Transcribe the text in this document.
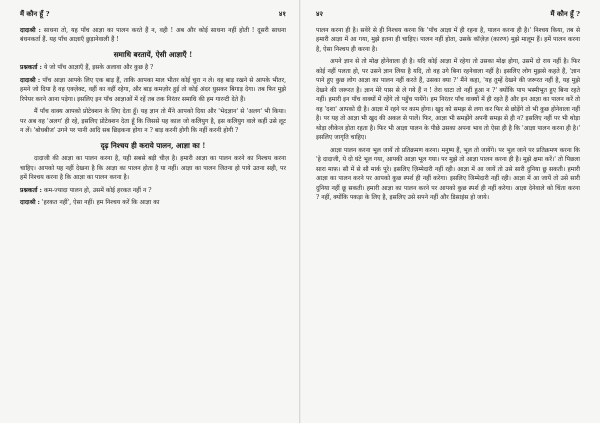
मैं कौन हूँ ?	४१

दादाश्री : साधना तो, यह पाँच आज्ञा का पालन करते हैं न, वही ! अब और कोई साधना नहीं होती ! दूसरी साधना बंधनकर्ता हैं. यह पाँच आज्ञाएँ छुड़ानेवाली हैं !

समाधि बरतायें, ऐसी आज्ञाएँ !

प्रश्नकर्ता : ये जो पाँच आज्ञाएँ हैं, इसके अलावा और कुछ है ?

दादाश्री : पाँच आज्ञा आपके लिए एक बाड़ हैं, ताकि आपका माल भीतर कोई चुरा न ले। वह बाड़ रखने से आपके भीतर, हमने जो दिया है वह एक्ज़ेक्ट, वहीं का वहीं रहेगा, और बाड़ कमज़ोर हुई तो कोई अंदर घुसकर बिगाड़ देगा। तब फिर मुझे रिपेयर करने आना पड़ेगा। इसलिए इन पाँच आज्ञाओं में रहें तब तक निरंतर समाधि की हम गारन्टी देते हैं।

मैं पाँच वाक्य आपको प्रोटेक्शन के लिए देता हूँ। यह ज्ञान तो मैंने आपको दिया और 'भेदज्ञान' से 'अलग' भी किया। पर अब वह 'अलग' ही रहे, इसलिए प्रोटेक्शन देता हूँ कि जिससे यह काल जो कलियुग है, इस कलियुग वाले कहीं उसे लूट न लें। 'बोधबीज' उगने पर पानी आदि सब छिड़कना होगा न ? बाड़ करनी होगी कि नहीं करनी होगी ?

दृढ़ निश्चय ही कराये पालन, आज्ञा का !

दादाजी की आज्ञा का पालन करना है, यही सबसे बड़ी चीज़ है। हमारी आज्ञा का पालन करने का निश्चय करना चाहिए। आपको यह नहीं देखना है कि आज्ञा का पालन होता है या नहीं। आज्ञा का पालन जितना हो पाये उतना सही, पर हमें निश्चय करना है कि आज्ञा का पालन करना है।

प्रश्नकर्ता : कम-ज्यादा पालन हो, उसमें कोई हरकत नहीं न ?

दादाश्री : 'हरकत नहीं', ऐसा नहीं। हम निश्चय करें कि आज्ञा का

४२	मैं कौन हूँ ?

पालन करना ही है। सवेरे से ही निश्चय करना कि 'पाँच आज्ञा में ही रहना है, पालन करना ही है।' निश्चय किया, तब से हमारी आज्ञा में आ गया, मुझे इतना ही चाहिए। पालन नहीं होता, उसके कॉज़ेज़ (कारण) मुझे मालूम हैं। हमें पालन करना है, ऐसा निश्चय ही करना है।

अपने ज्ञान से तो मोक्ष होनेवाला ही है। यदि कोई आज्ञा में रहेगा तो उसका मोक्ष होगा, उसमें दो राय नहीं है। फिर कोई नहीं पलता हो, पर उसने ज्ञान लिया है यदि, तो वह उगे बिना रहनेवाला नहीं है। इसलिए लोग मुझसे कहते हैं, 'ज्ञान पाने हुए कुछ लोग आज्ञा का पालन नहीं करते हैं, उसका क्या ?' मैंने कहा, 'यह तुम्हें देखने की जरूरत नहीं है, यह मुझे देखने की जरूरत है। ज्ञान मेरे पास से ले गये हैं न ! तेरा घाटा तो नहीं हुआ न ?' क्योंकि पाप भस्मीभूत हुए बिना रहते नहीं। हमारी इन पाँच वाक्यों में रहेंगे तो पहुँच पायेंगे। हम निरंतर पाँच वाक्यों में ही रहते हैं और इन आज्ञा का पालन करें तो वह 'दशा' आपको दी है। आज्ञा में रहने पर काम होगा। खुद को समझ से लगा कर फिर से छोड़ेंगे तो भी कुछ होनेवाला नहीं है। पर यह तो आज्ञा भी खुद की अकल से पालें। फिर, आज्ञा भी समझेंगे अपनी समझ से ही न? इसलिए नहीं पर भी थोड़ा थोड़ा लीकेज होता रहता है। फिर भी आज्ञा पालन के पीछे उसका अपना भाव तो ऐसा ही है कि 'आज्ञा पालन करना ही है।' इसलिए जागृति चाहिए।

आज्ञा पालन करना भूल जायें तो प्रतिक्रमण करना। मनुष्य हैं, भूल तो जायेंगे। पर भूल जाने पर प्रतिक्रमण करना कि 'हे दादाजी, ये दो घंटे भूल गया, आपकी आज्ञा भूल गया। पर मुझे तो आज्ञा पालन करना ही है। मुझे क्षमा करें।' तो पिछला सारा माफ़। सौ में से सौ मार्क पूरे। इसलिए ज़िम्मेदारी नहीं रही। आज्ञा में आ जायें तो उसे सारी दुनिया छू सकती। हमारी आज्ञा का पालन करने पर आपको कुछ स्पर्श ही नहीं करेगा। इसलिए जिम्मेदारी नहीं रही। आज्ञा में आ जायें तो उसे सारी दुनिया नहीं छू सकती। हमारी आज्ञा का पालन करने पर आपको कुछ स्पर्श ही नहीं करेगा। आज्ञा देनेवाले को चिंता करना ? नहीं, क्योंकि पकड़ा के लिए है, इसलिए उसे सपने नहीं और डिसाइंस हो जाये।
